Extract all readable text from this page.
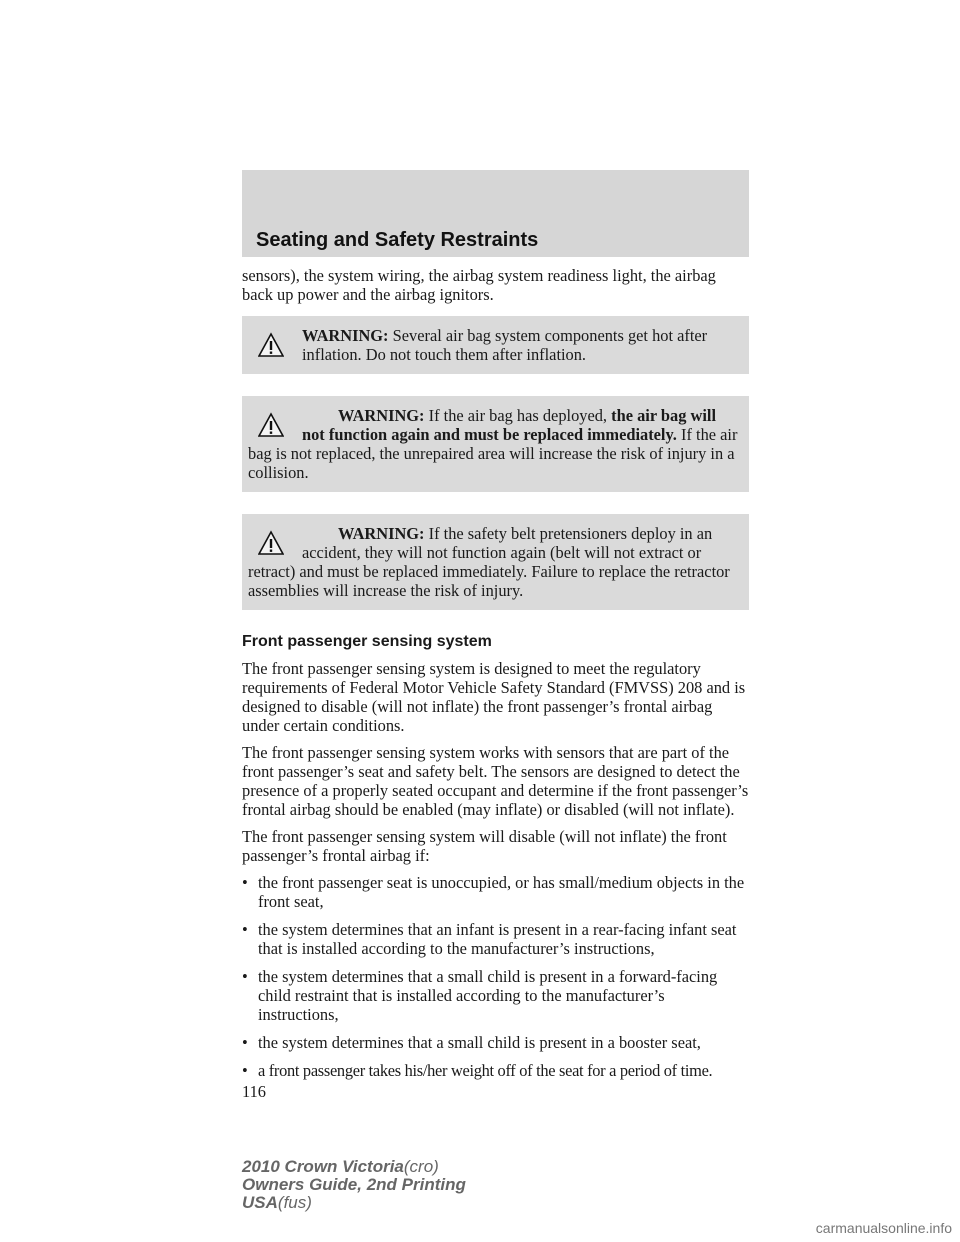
Seating and Safety Restraints

sensors), the system wiring, the airbag system readiness light, the airbag back up power and the airbag ignitors.

WARNING: Several air bag system components get hot after inflation. Do not touch them after inflation.
WARNING: If the air bag has deployed, the air bag will not function again and must be replaced immediately. If the air bag is not replaced, the unrepaired area will increase the risk of injury in a collision.
WARNING: If the safety belt pretensioners deploy in an accident, they will not function again (belt will not extract or retract) and must be replaced immediately. Failure to replace the retractor assemblies will increase the risk of injury.
Front passenger sensing system

The front passenger sensing system is designed to meet the regulatory requirements of Federal Motor Vehicle Safety Standard (FMVSS) 208 and is designed to disable (will not inflate) the front passenger’s frontal airbag under certain conditions.

The front passenger sensing system works with sensors that are part of the front passenger’s seat and safety belt. The sensors are designed to detect the presence of a properly seated occupant and determine if the front passenger’s frontal airbag should be enabled (may inflate) or disabled (will not inflate).

The front passenger sensing system will disable (will not inflate) the front passenger’s frontal airbag if:

• the front passenger seat is unoccupied, or has small/medium objects in the front seat,
• the system determines that an infant is present in a rear-facing infant seat that is installed according to the manufacturer’s instructions,
• the system determines that a small child is present in a forward-facing child restraint that is installed according to the manufacturer’s instructions,
• the system determines that a small child is present in a booster seat,
• a front passenger takes his/her weight off of the seat for a period of time.
116
2010 Crown Victoria(cro)
Owners Guide, 2nd Printing
USA(fus)
carmanualsonline.info
